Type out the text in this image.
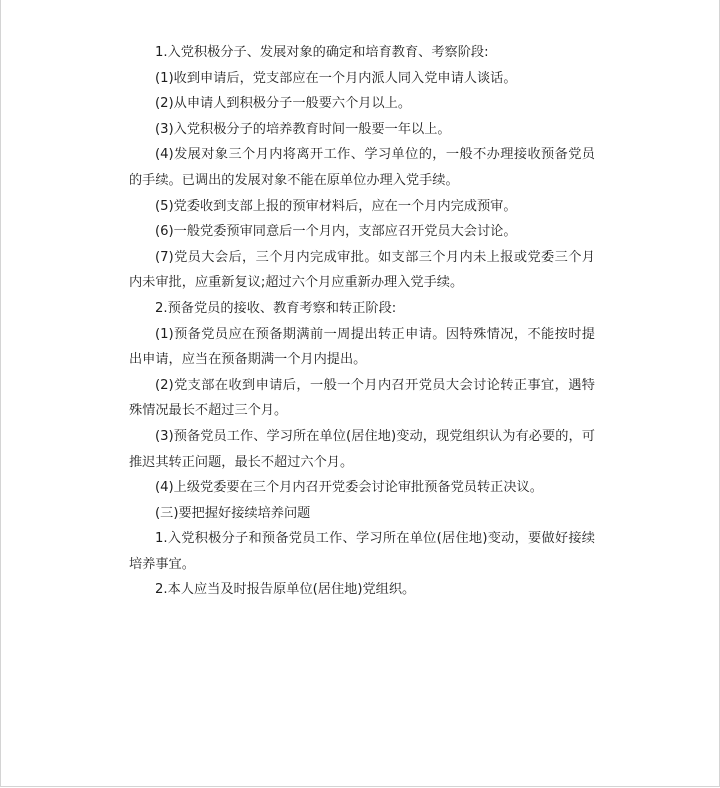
1.入党积极分子、发展对象的确定和培育教育、考察阶段:

(1)收到申请后，党支部应在一个月内派人同入党申请人谈话。

(2)从申请人到积极分子一般要六个月以上。

(3)入党积极分子的培养教育时间一般要一年以上。

(4)发展对象三个月内将离开工作、学习单位的，一般不办理接收预备党员的手续。已调出的发展对象不能在原单位办理入党手续。

(5)党委收到支部上报的预审材料后，应在一个月内完成预审。

(6)一般党委预审同意后一个月内，支部应召开党员大会讨论。

(7)党员大会后，三个月内完成审批。如支部三个月内未上报或党委三个月内未审批，应重新复议;超过六个月应重新办理入党手续。

2.预备党员的接收、教育考察和转正阶段:

(1)预备党员应在预备期满前一周提出转正申请。因特殊情况，不能按时提出申请，应当在预备期满一个月内提出。

(2)党支部在收到申请后，一般一个月内召开党员大会讨论转正事宜，遇特殊情况最长不超过三个月。

(3)预备党员工作、学习所在单位(居住地)变动，现党组织认为有必要的，可推迟其转正问题，最长不超过六个月。

(4)上级党委要在三个月内召开党委会讨论审批预备党员转正决议。

(三)要把握好接续培养问题

1.入党积极分子和预备党员工作、学习所在单位(居住地)变动，要做好接续培养事宜。

2.本人应当及时报告原单位(居住地)党组织。
